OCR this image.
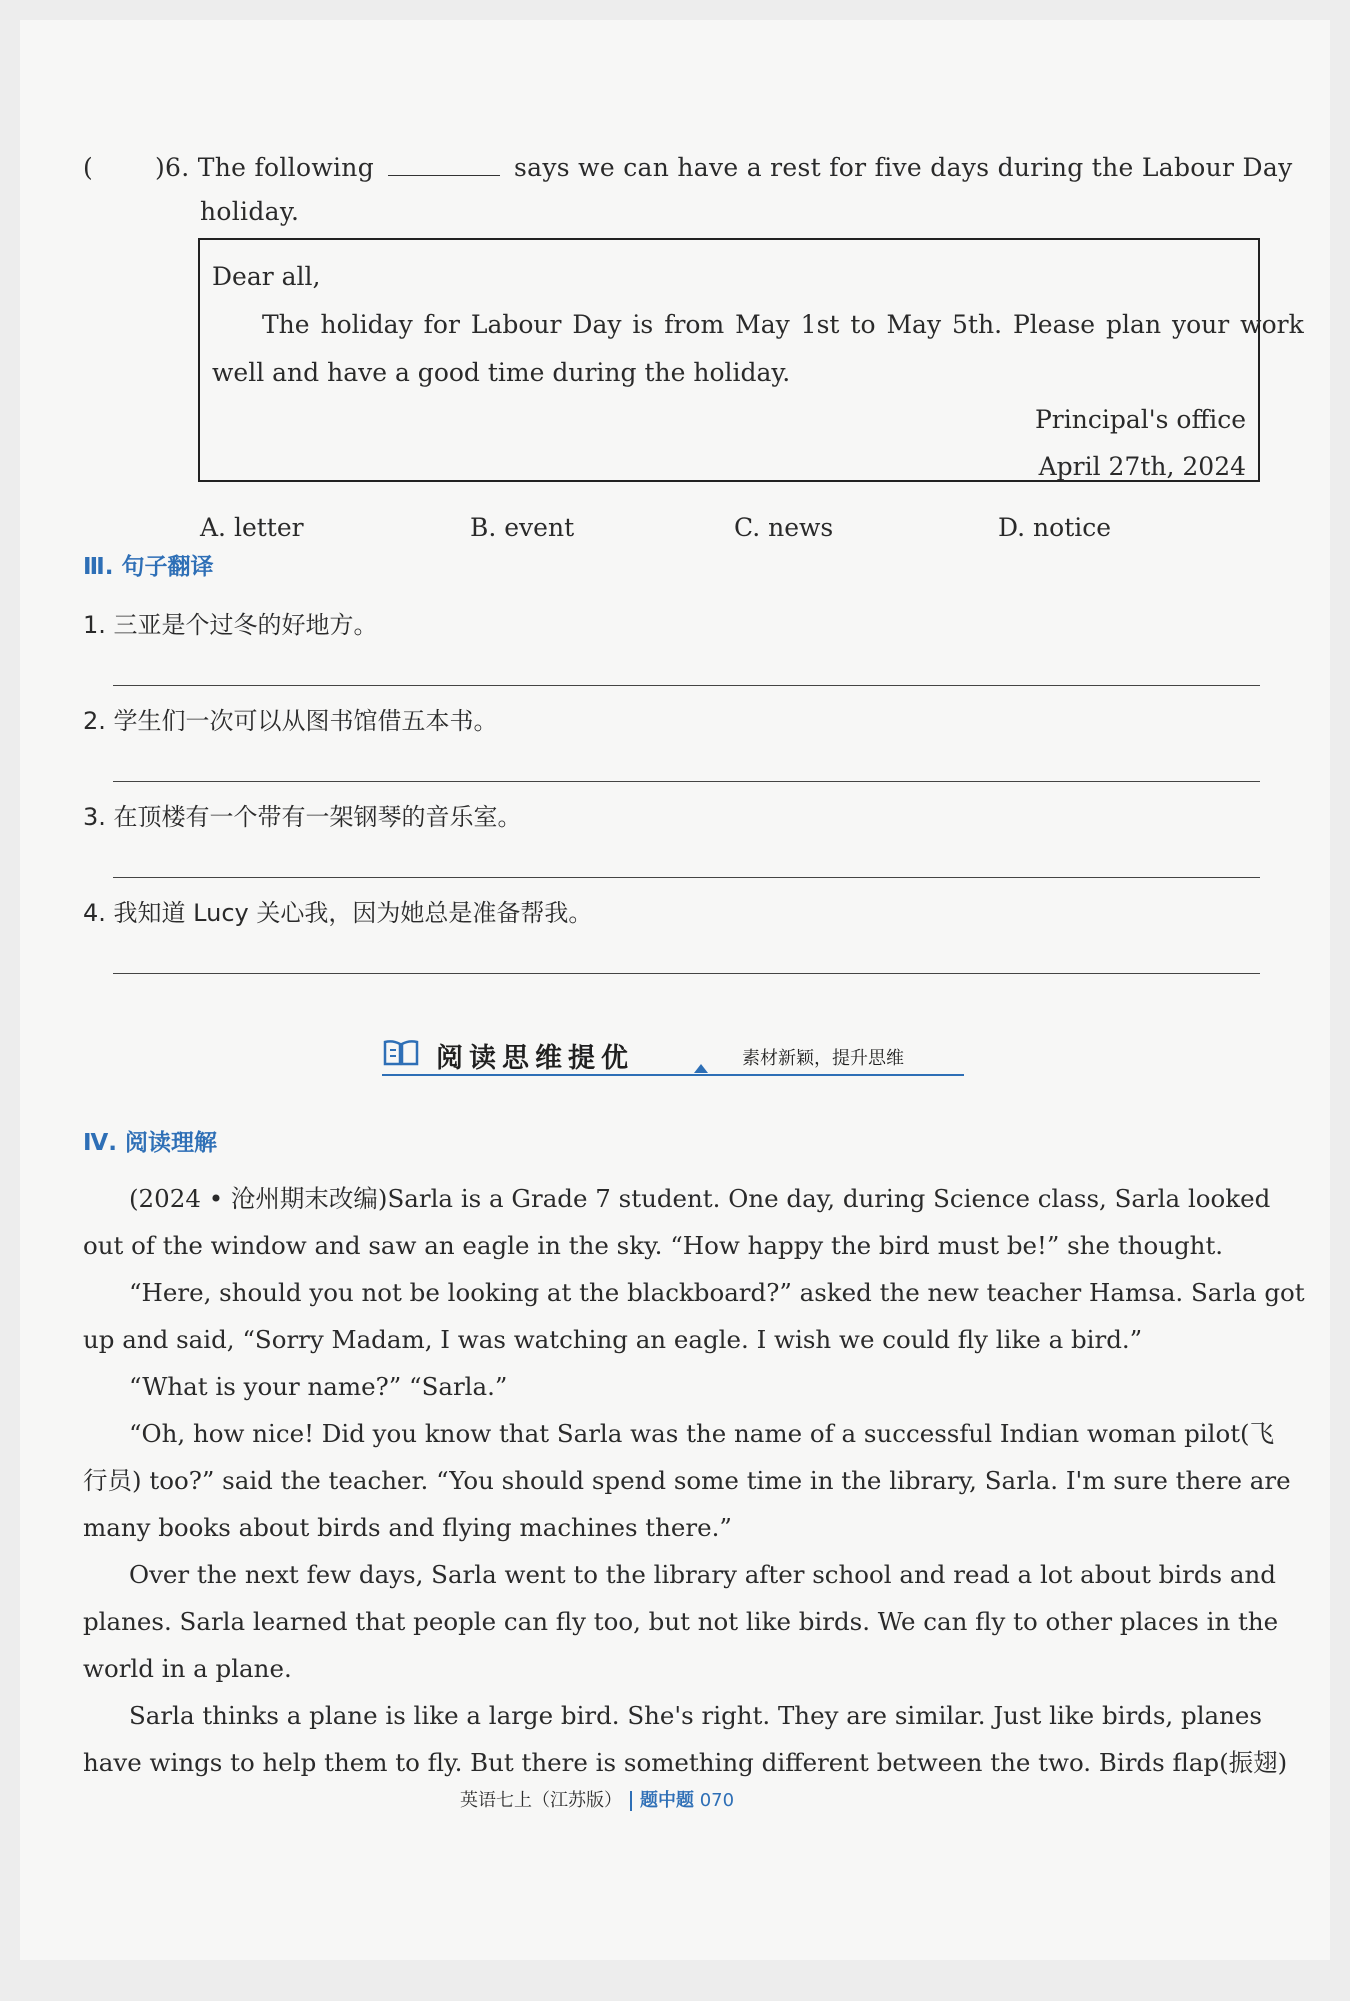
( )6. The following	says we can have a rest for five days during the Labour Day
holiday.
Dear all,
The holiday for Labour Day is from May 1st to May 5th. Please plan your work
well and have a good time during the holiday.
Principal's office
April 27th, 2024
A. letter	B. event	C. news	D. notice
Ⅲ. 句子翻译
1. 三亚是个过冬的好地方。
2. 学生们一次可以从图书馆借五本书。
3. 在顶楼有一个带有一架钢琴的音乐室。
4. 我知道 Lucy 关心我，因为她总是准备帮我。
阅读思维提优	素材新颖，提升思维
Ⅳ. 阅读理解
(2024 • 沧州期末改编)Sarla is a Grade 7 student. One day, during Science class, Sarla looked
out of the window and saw an eagle in the sky. “How happy the bird must be!” she thought.
“Here, should you not be looking at the blackboard?” asked the new teacher Hamsa. Sarla got
up and said, “Sorry Madam, I was watching an eagle. I wish we could fly like a bird.”
“What is your name?” “Sarla.”
“Oh, how nice! Did you know that Sarla was the name of a successful Indian woman pilot(飞
行员) too?” said the teacher. “You should spend some time in the library, Sarla. I'm sure there are
many books about birds and flying machines there.”
Over the next few days, Sarla went to the library after school and read a lot about birds and
planes. Sarla learned that people can fly too, but not like birds. We can fly to other places in the
world in a plane.
Sarla thinks a plane is like a large bird. She's right. They are similar. Just like birds, planes
have wings to help them to fly. But there is something different between the two. Birds flap(振翅)
英语七上（江苏版） 题中题 070
